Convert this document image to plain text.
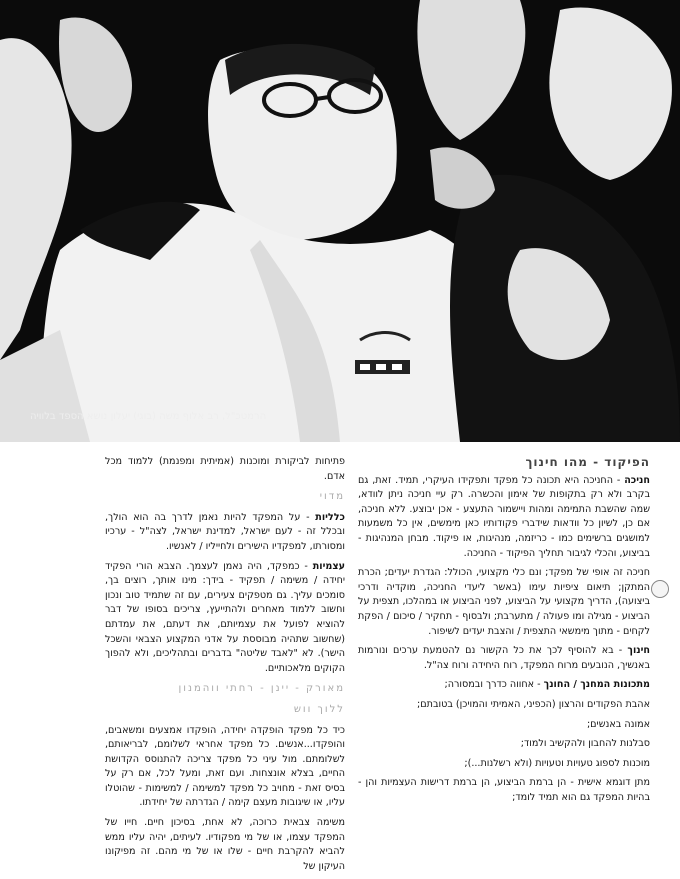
הרמטכ"ל, רב אלוף משה (בוגי) יעלון נושא הספד בלוויה
הפיקוד - מהו חינוך

חניכה - החניכה היא תכונה כל מפקד ותפקידו העיקרי, תמיד. זאת, גם בקרב ולא רק בתקופות של אימון והכשרה. רק עיי חניכה ניתן לוודא, שמה שהשבת התמימה ומהות ויישמור התעצע - אכן יבוצע. ללא חניכה, אם כן, לשיון כל וודאות שידברי פקודותיו כאן מימשים, אין כל משמעות למושגים ברשימים כמו - כריזמה, מנהיגות, או פיקוד. מבחן המנהיגות - בביצוע, והכלי לגיבור תחליך הפיקוד - החניכה.

חניכה זה אופי של מפקד; ונם כלי מקצועי, הכולל: הגדרת יעדים; הכרת המתקן; תיאום ציפיות עימו (באשר ליעדי החניכה, מוקדיה ודרכי ביצועה), הדריך מקצועי על הביצוע, לפני הביצוע או במהלכו, תצפית על הביצוע - מגילה ומו פעולה / מתערבת; ולבסוף - תחקיר / סיכום / הפקת לקחים - מתוך מימשאי התצפית / והצבת יעדים לשיפור.

חינוך - בא להוסיף לכך את כל הקשור נם להטמעת ערכים ונורמות באנשיך, הנובעים מרוח המפקד, רוח היחידה ורוח צה"ל.

מתכונות המחנך / החונך - אחווה כדרך ובמסורה;

אהבת הפקודים והרצון (הכפיני, האמיתי והמויכן) בטובתם;

אמונה באנשים;

סבלנות להחבון ולהקשיב ולמוד;

מוכנות לספוג טעויות וטעויות (ולא רשלנות...);

מתן דוגמא אישית - הן ברמת הביצוע, הן ברמת דרישות העצמיות והן - בהיות המפקד גם הוא תמיד לומד;

פתיחות לביקורת ומוכנות (אמיתית ומפנמת) ללמוד מכל אדם.

מדוי

כלליות - על המפקד להיות נאמן לדרך בה הוא הולך, ובכלל זה - לעם ישראל, למדינת ישראל, לצה"ל - ערכיו ומסורתו, למפקדיו הישירים ולחייליו / לאנשיו.

עצמיות - כמפקד, היה נאמן לעצמך. הצבא הורי הפקיד יחידה / משימה / תפקיד - בידך: מינו אותך, רוצים בך, סומכים עליך. גם מטפקים צעירים, עם זה שתמיד טוב ונכון וחשוב ללמוד מאחרים ולהתייעץ, צריכים בסופו של דבר להוציא לפועל את עצמיותם, את דעתם, את עמדתם (שחשוב שתהיה מבוססת על אדני המקצוע הצבאי והשכל הישר). לא "לאבד שליטה" בדברים ובתהליכים, ולא להפוך הקוקים מלאכותיים.

מאורק - יינן - רחתי ווהמנון
ללוך ווש

כיד כל מפקד הופקדה יחידה, הופקדו אמצעים ומשאבים, והופקדו...אנשים. כל מפקד אחראי לשלומם, לבריאותם, לשלומתם. מול עיני כל מפקד צריכה להתנוסס הקדושת החיים, בצלא אונצחות. ועם זאת, ומעל לכל, אם רק על בסיס זאת - מחויב כל מפקד למשימה / למשימות - שהוטלו עליו, או שיגובות מעצם קימה / הגדרתה של יחידתו.

משימה צבאית כרוכה, לא אחת, בסיכון חיים. חייו של המפקד עצמו, או של מי מפקודיו. לעיתים, יהיה עליו ממש להביא להקרבת חיים - שלו או של מי מהם. זה מפיקונו העיקון של
